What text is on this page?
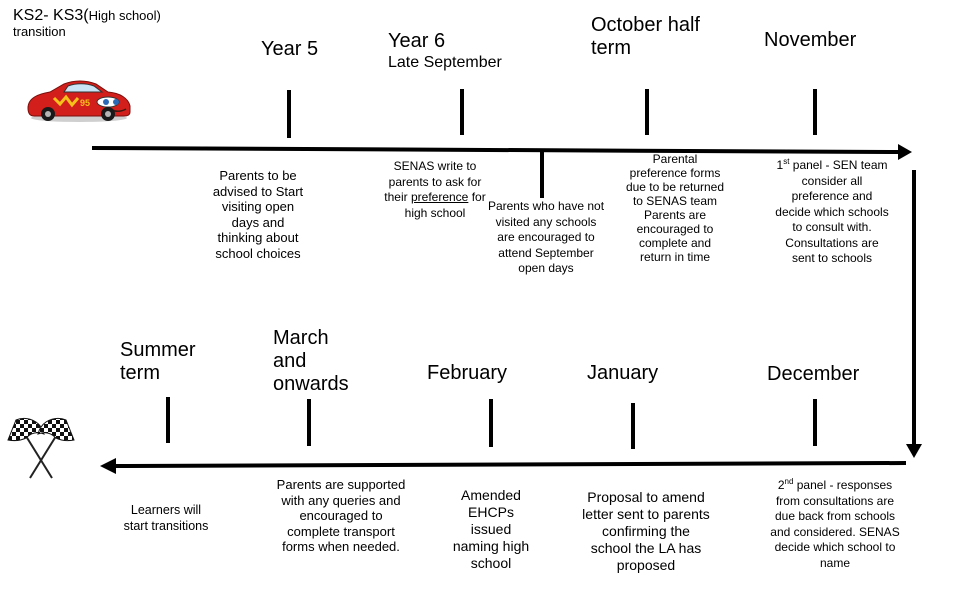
KS2- KS3(High school)
transition
95
Year 5	Year 6
Late September
October half term	November
Parents to be advised to Start visiting open days and thinking about school choices
SENAS write to parents to ask for their preference for high school	Parents who have not visited any schools are encouraged to attend September open days
Parental preference forms due to be returned to SENAS team Parents are encouraged to complete and return in time
1st panel - SEN team consider all preference and decide which schools to consult with. Consultations are sent to schools
Summer term
March and onwards	February	January	December
Learners will start transitions
Parents are supported with any queries and encouraged to complete transport forms when needed.
Amended EHCPs issued naming high school
Proposal to amend letter sent to parents confirming the school the LA has proposed
2nd panel - responses from consultations are due back from schools and considered. SENAS decide which school to name
